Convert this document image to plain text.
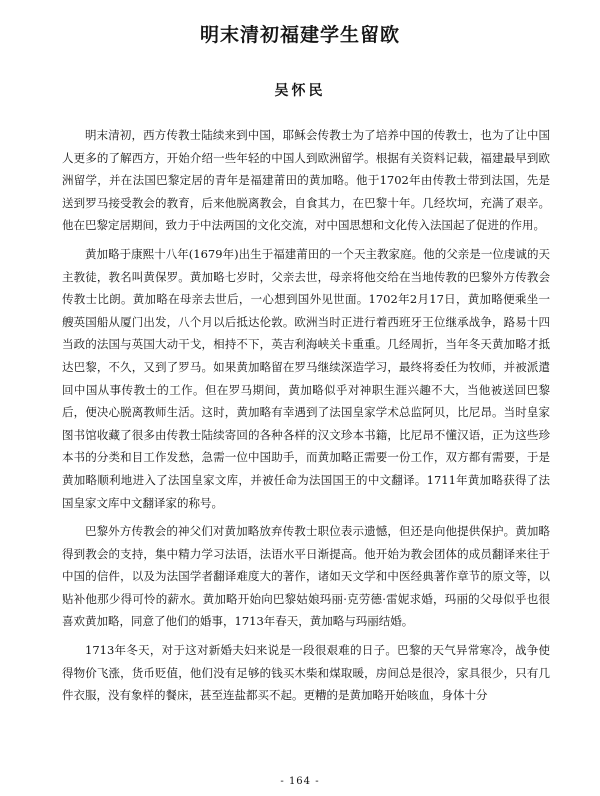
明末清初福建学生留欧
吴怀民

明末清初，西方传教士陆续来到中国，耶稣会传教士为了培养中国的传教士，也为了让中国人更多的了解西方，开始介绍一些年轻的中国人到欧洲留学。根据有关资料记载，福建最早到欧洲留学，并在法国巴黎定居的青年是福建莆田的黄加略。他于1702年由传教士带到法国，先是送到罗马接受教会的教育，后来他脱离教会，自食其力，在巴黎十年。几经坎坷，充满了艰辛。他在巴黎定居期间，致力于中法两国的文化交流，对中国思想和文化传入法国起了促进的作用。

黄加略于康熙十八年(1679年)出生于福建莆田的一个天主教家庭。他的父亲是一位虔诚的天主教徒，教名叫黄保罗。黄加略七岁时，父亲去世，母亲将他交给在当地传教的巴黎外方传教会传教士比朗。黄加略在母亲去世后，一心想到国外见世面。1702年2月17日，黄加略便乘坐一艘英国船从厦门出发，八个月以后抵达伦敦。欧洲当时正进行着西班牙王位继承战争，路易十四当政的法国与英国大动干戈，相持不下，英吉利海峡关卡重重。几经周折，当年冬天黄加略才抵达巴黎，不久，又到了罗马。如果黄加略留在罗马继续深造学习，最终将委任为牧师，并被派遣回中国从事传教士的工作。但在罗马期间，黄加略似乎对神职生涯兴趣不大，当他被送回巴黎后，便决心脱离教师生活。这时，黄加略有幸遇到了法国皇家学术总监阿贝，比尼昂。当时皇家图书馆收藏了很多由传教士陆续寄回的各种各样的汉文珍本书籍，比尼昂不懂汉语，正为这些珍本书的分类和目工作发愁，急需一位中国助手，而黄加略正需要一份工作，双方都有需要，于是黄加略顺利地进入了法国皇家文库，并被任命为法国国王的中文翻译。1711年黄加略获得了法国皇家文库中文翻译家的称号。

巴黎外方传教会的神父们对黄加略放弃传教士职位表示遗憾，但还是向他提供保护。黄加略得到教会的支持，集中精力学习法语，法语水平日渐提高。他开始为教会团体的成员翻译来往于中国的信件，以及为法国学者翻译难度大的著作，诸如天文学和中医经典著作章节的原文等，以贴补他那少得可怜的薪水。黄加略开始向巴黎姑娘玛丽·克劳德·雷妮求婚，玛丽的父母似乎也很喜欢黄加略，同意了他们的婚事，1713年春天，黄加略与玛丽结婚。

1713年冬天，对于这对新婚夫妇来说是一段很艰难的日子。巴黎的天气异常寒冷，战争使得物价飞涨，货币贬值，他们没有足够的钱买木柴和煤取暖，房间总是很冷，家具很少，只有几件衣服，没有象样的餐床，甚至连盐都买不起。更糟的是黄加略开始咳血，身体十分

- 164 -
